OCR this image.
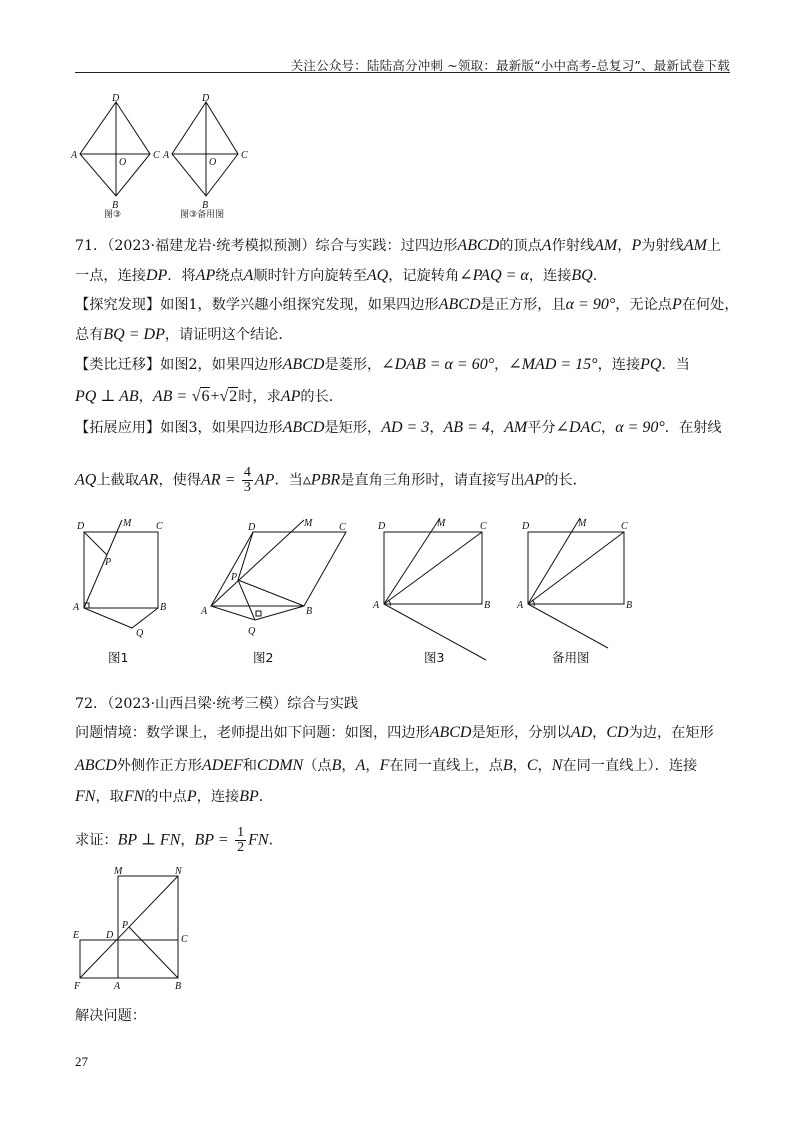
关注公众号：陆陆高分冲刺 ~领取：最新版“小中高考-总复习”、最新试卷下载
D
A
O
C
B
图③
D
A
O
C
B
图③备用图
71．（2023·福建龙岩·统考模拟预测）综合与实践：过四边形ABCD的顶点A作射线AM，P为射线AM上
一点，连接DP．将AP绕点A顺时针方向旋转至AQ，记旋转角∠PAQ = α，连接BQ．
【探究发现】如图1，数学兴趣小组探究发现，如果四边形ABCD是正方形，且α = 90°，无论点P在何处，
总有BQ = DP，请证明这个结论．
【类比迁移】如图2，如果四边形ABCD是菱形，∠DAB = α = 60°，∠MAD = 15°，连接PQ．当
PQ ⊥ AB，AB = √6+√2时，求AP的长．
【拓展应用】如图3，如果四边形ABCD是矩形，AD = 3，AB = 4，AM平分∠DAC，α = 90°．在射线
AQ上截取AR，使得AR = $\frac{4}{3}$ AP．当▵PBR是直角三角形时，请直接写出AP的长．
D	M C
P
A	B
Q
图1
D	M	C
P
A	B
Q
图2
D	M	C
A	B
图3
D	M	C
A	B
备用图
72．（2023·山西吕梁·统考三模）综合与实践
问题情境：数学课上，老师提出如下问题：如图，四边形ABCD是矩形，分别以AD，CD为边，在矩形
ABCD外侧作正方形ADEF和CDMN（点B，A，F在同一直线上，点B，C，N在同一直线上）．连接
FN，取FN的中点P，连接BP．
求证：BP ⊥ FN，BP = $\frac{1}{2}$ FN．
M	N
E	D
P
C
F	A	B
解决问题：
27
